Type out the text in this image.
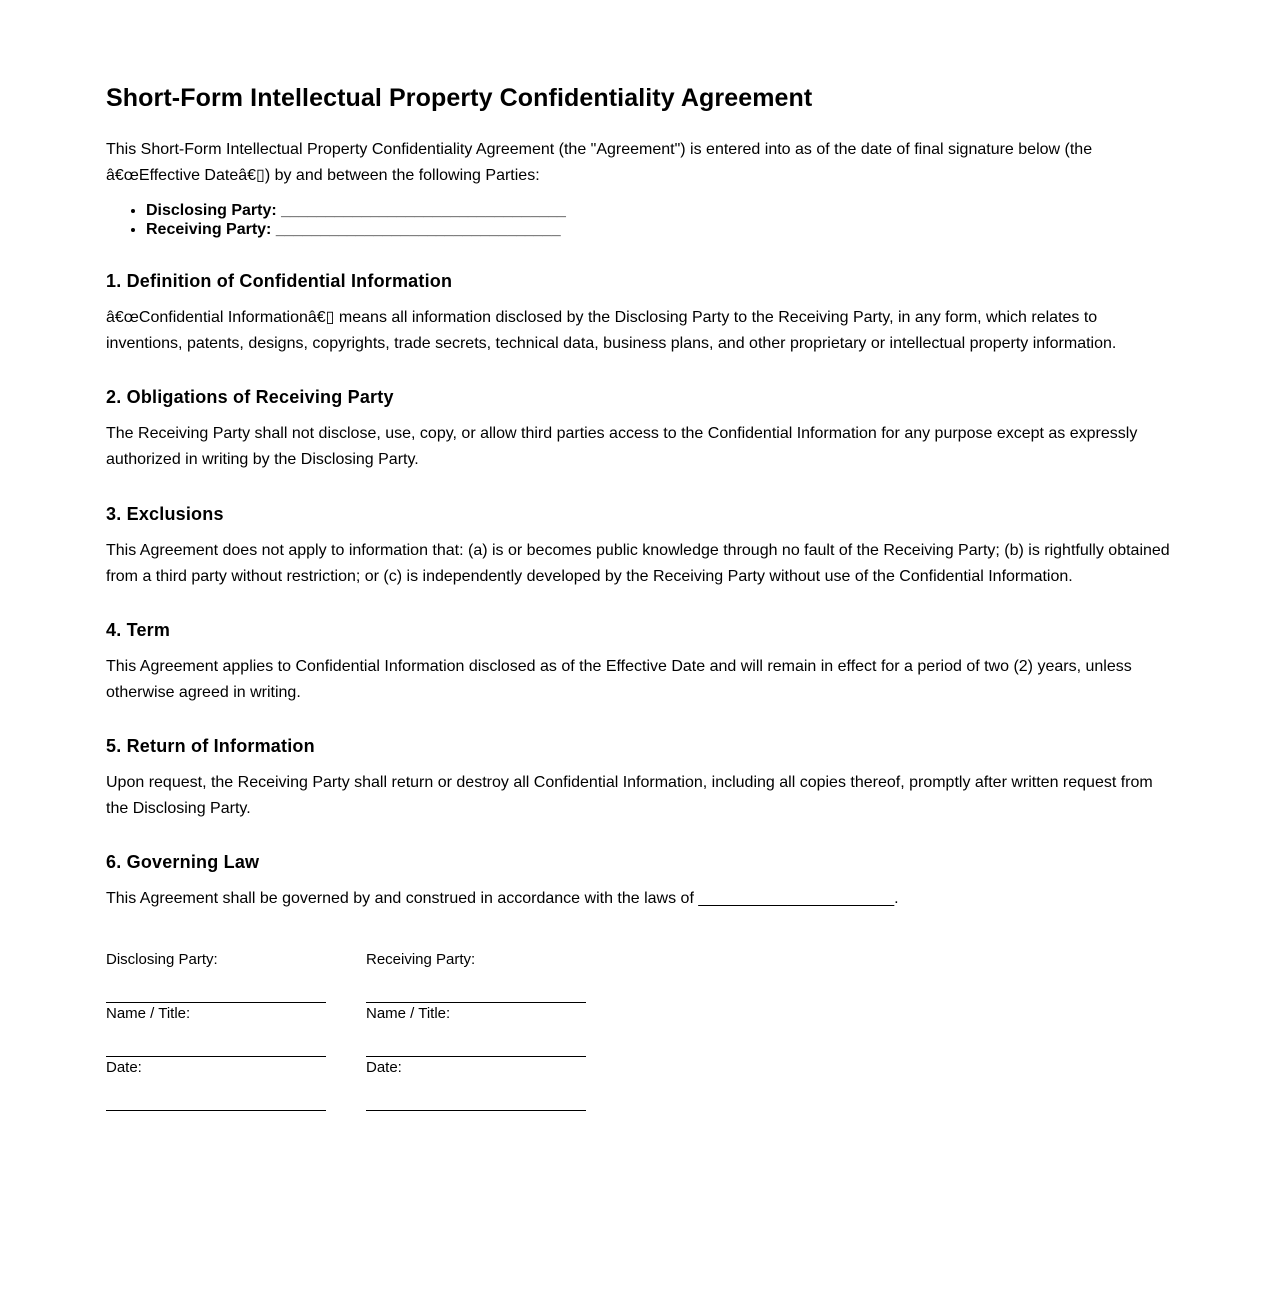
Short-Form Intellectual Property Confidentiality Agreement

This Short-Form Intellectual Property Confidentiality Agreement (the "Agreement") is entered into as of the date of final signature below (the â€œEffective Dateâ€▯) by and between the following Parties:

• Disclosing Party: ________________________________
• Receiving Party: ________________________________
1. Definition of Confidential Information

â€œConfidential Informationâ€▯ means all information disclosed by the Disclosing Party to the Receiving Party, in any form, which relates to inventions, patents, designs, copyrights, trade secrets, technical data, business plans, and other proprietary or intellectual property information.

2. Obligations of Receiving Party

The Receiving Party shall not disclose, use, copy, or allow third parties access to the Confidential Information for any purpose except as expressly authorized in writing by the Disclosing Party.

3. Exclusions

This Agreement does not apply to information that: (a) is or becomes public knowledge through no fault of the Receiving Party; (b) is rightfully obtained from a third party without restriction; or (c) is independently developed by the Receiving Party without use of the Confidential Information.

4. Term

This Agreement applies to Confidential Information disclosed as of the Effective Date and will remain in effect for a period of two (2) years, unless otherwise agreed in writing.

5. Return of Information

Upon request, the Receiving Party shall return or destroy all Confidential Information, including all copies thereof, promptly after written request from the Disclosing Party.

6. Governing Law

This Agreement shall be governed by and construed in accordance with the laws of ______________________.

Disclosing Party:
Name / Title:
Date:
Receiving Party:
Name / Title:
Date:
